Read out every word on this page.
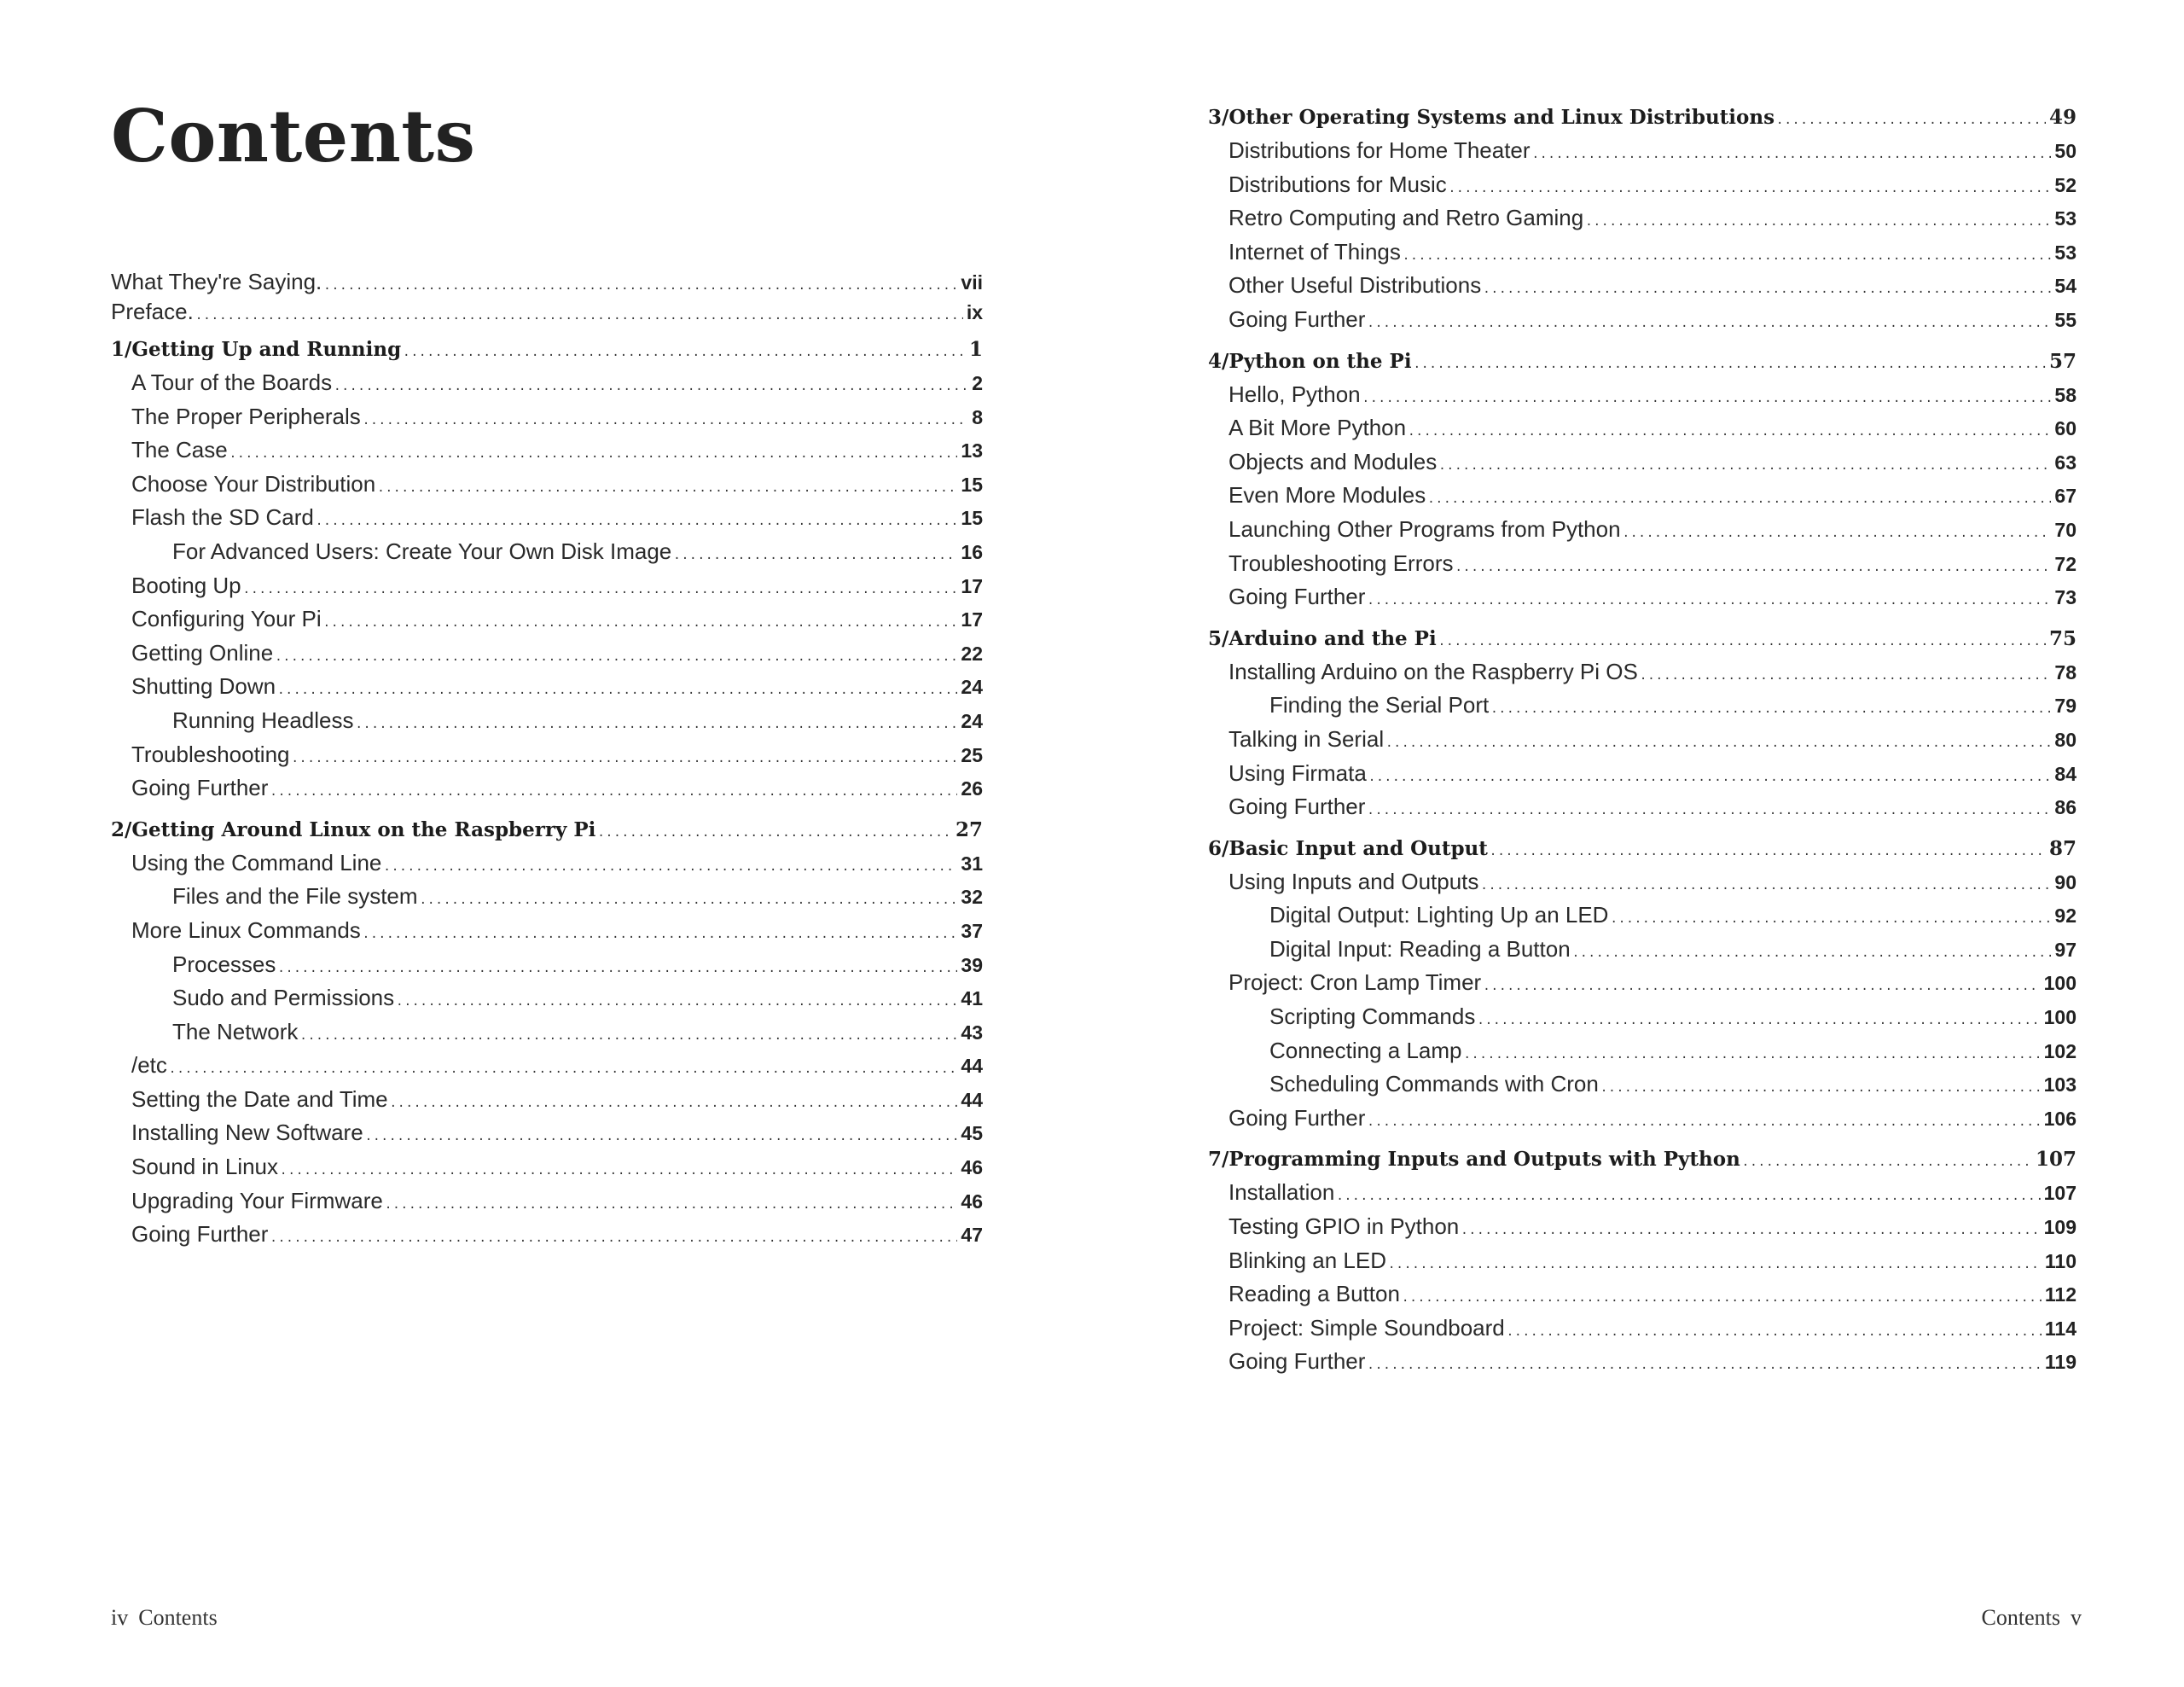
Contents
What They're Saying. .....	vii
Preface. .....	ix
1/Getting Up and Running .....	1
A Tour of the Boards .....	2
The Proper Peripherals .....	8
The Case .....	13
Choose Your Distribution .....	15
Flash the SD Card .....	15
For Advanced Users: Create Your Own Disk Image .....	16
Booting Up .....	17
Configuring Your Pi .....	17
Getting Online .....	22
Shutting Down .....	24
Running Headless .....	24
Troubleshooting .....	25
Going Further .....	26
2/Getting Around Linux on the Raspberry Pi .....	27
Using the Command Line .....	31
Files and the File system .....	32
More Linux Commands .....	37
Processes .....	39
Sudo and Permissions .....	41
The Network .....	43
/etc .....	44
Setting the Date and Time .....	44
Installing New Software .....	45
Sound in Linux .....	46
Upgrading Your Firmware .....	46
Going Further .....	47
3/Other Operating Systems and Linux Distributions .....	49
Distributions for Home Theater .....	50
Distributions for Music .....	52
Retro Computing and Retro Gaming .....	53
Internet of Things .....	53
Other Useful Distributions .....	54
Going Further .....	55
4/Python on the Pi .....	57
Hello, Python .....	58
A Bit More Python .....	60
Objects and Modules .....	63
Even More Modules .....	67
Launching Other Programs from Python .....	70
Troubleshooting Errors .....	72
Going Further .....	73
5/Arduino and the Pi .....	75
Installing Arduino on the Raspberry Pi OS .....	78
Finding the Serial Port .....	79
Talking in Serial .....	80
Using Firmata .....	84
Going Further .....	86
6/Basic Input and Output .....	87
Using Inputs and Outputs .....	90
Digital Output: Lighting Up an LED .....	92
Digital Input: Reading a Button .....	97
Project: Cron Lamp Timer .....	100
Scripting Commands .....	100
Connecting a Lamp .....	102
Scheduling Commands with Cron .....	103
Going Further .....	106
7/Programming Inputs and Outputs with Python .....	107
Installation .....	107
Testing GPIO in Python .....	109
Blinking an LED .....	110
Reading a Button .....	112
Project: Simple Soundboard .....	114
Going Further .....	119
iv Contents	Contents v
